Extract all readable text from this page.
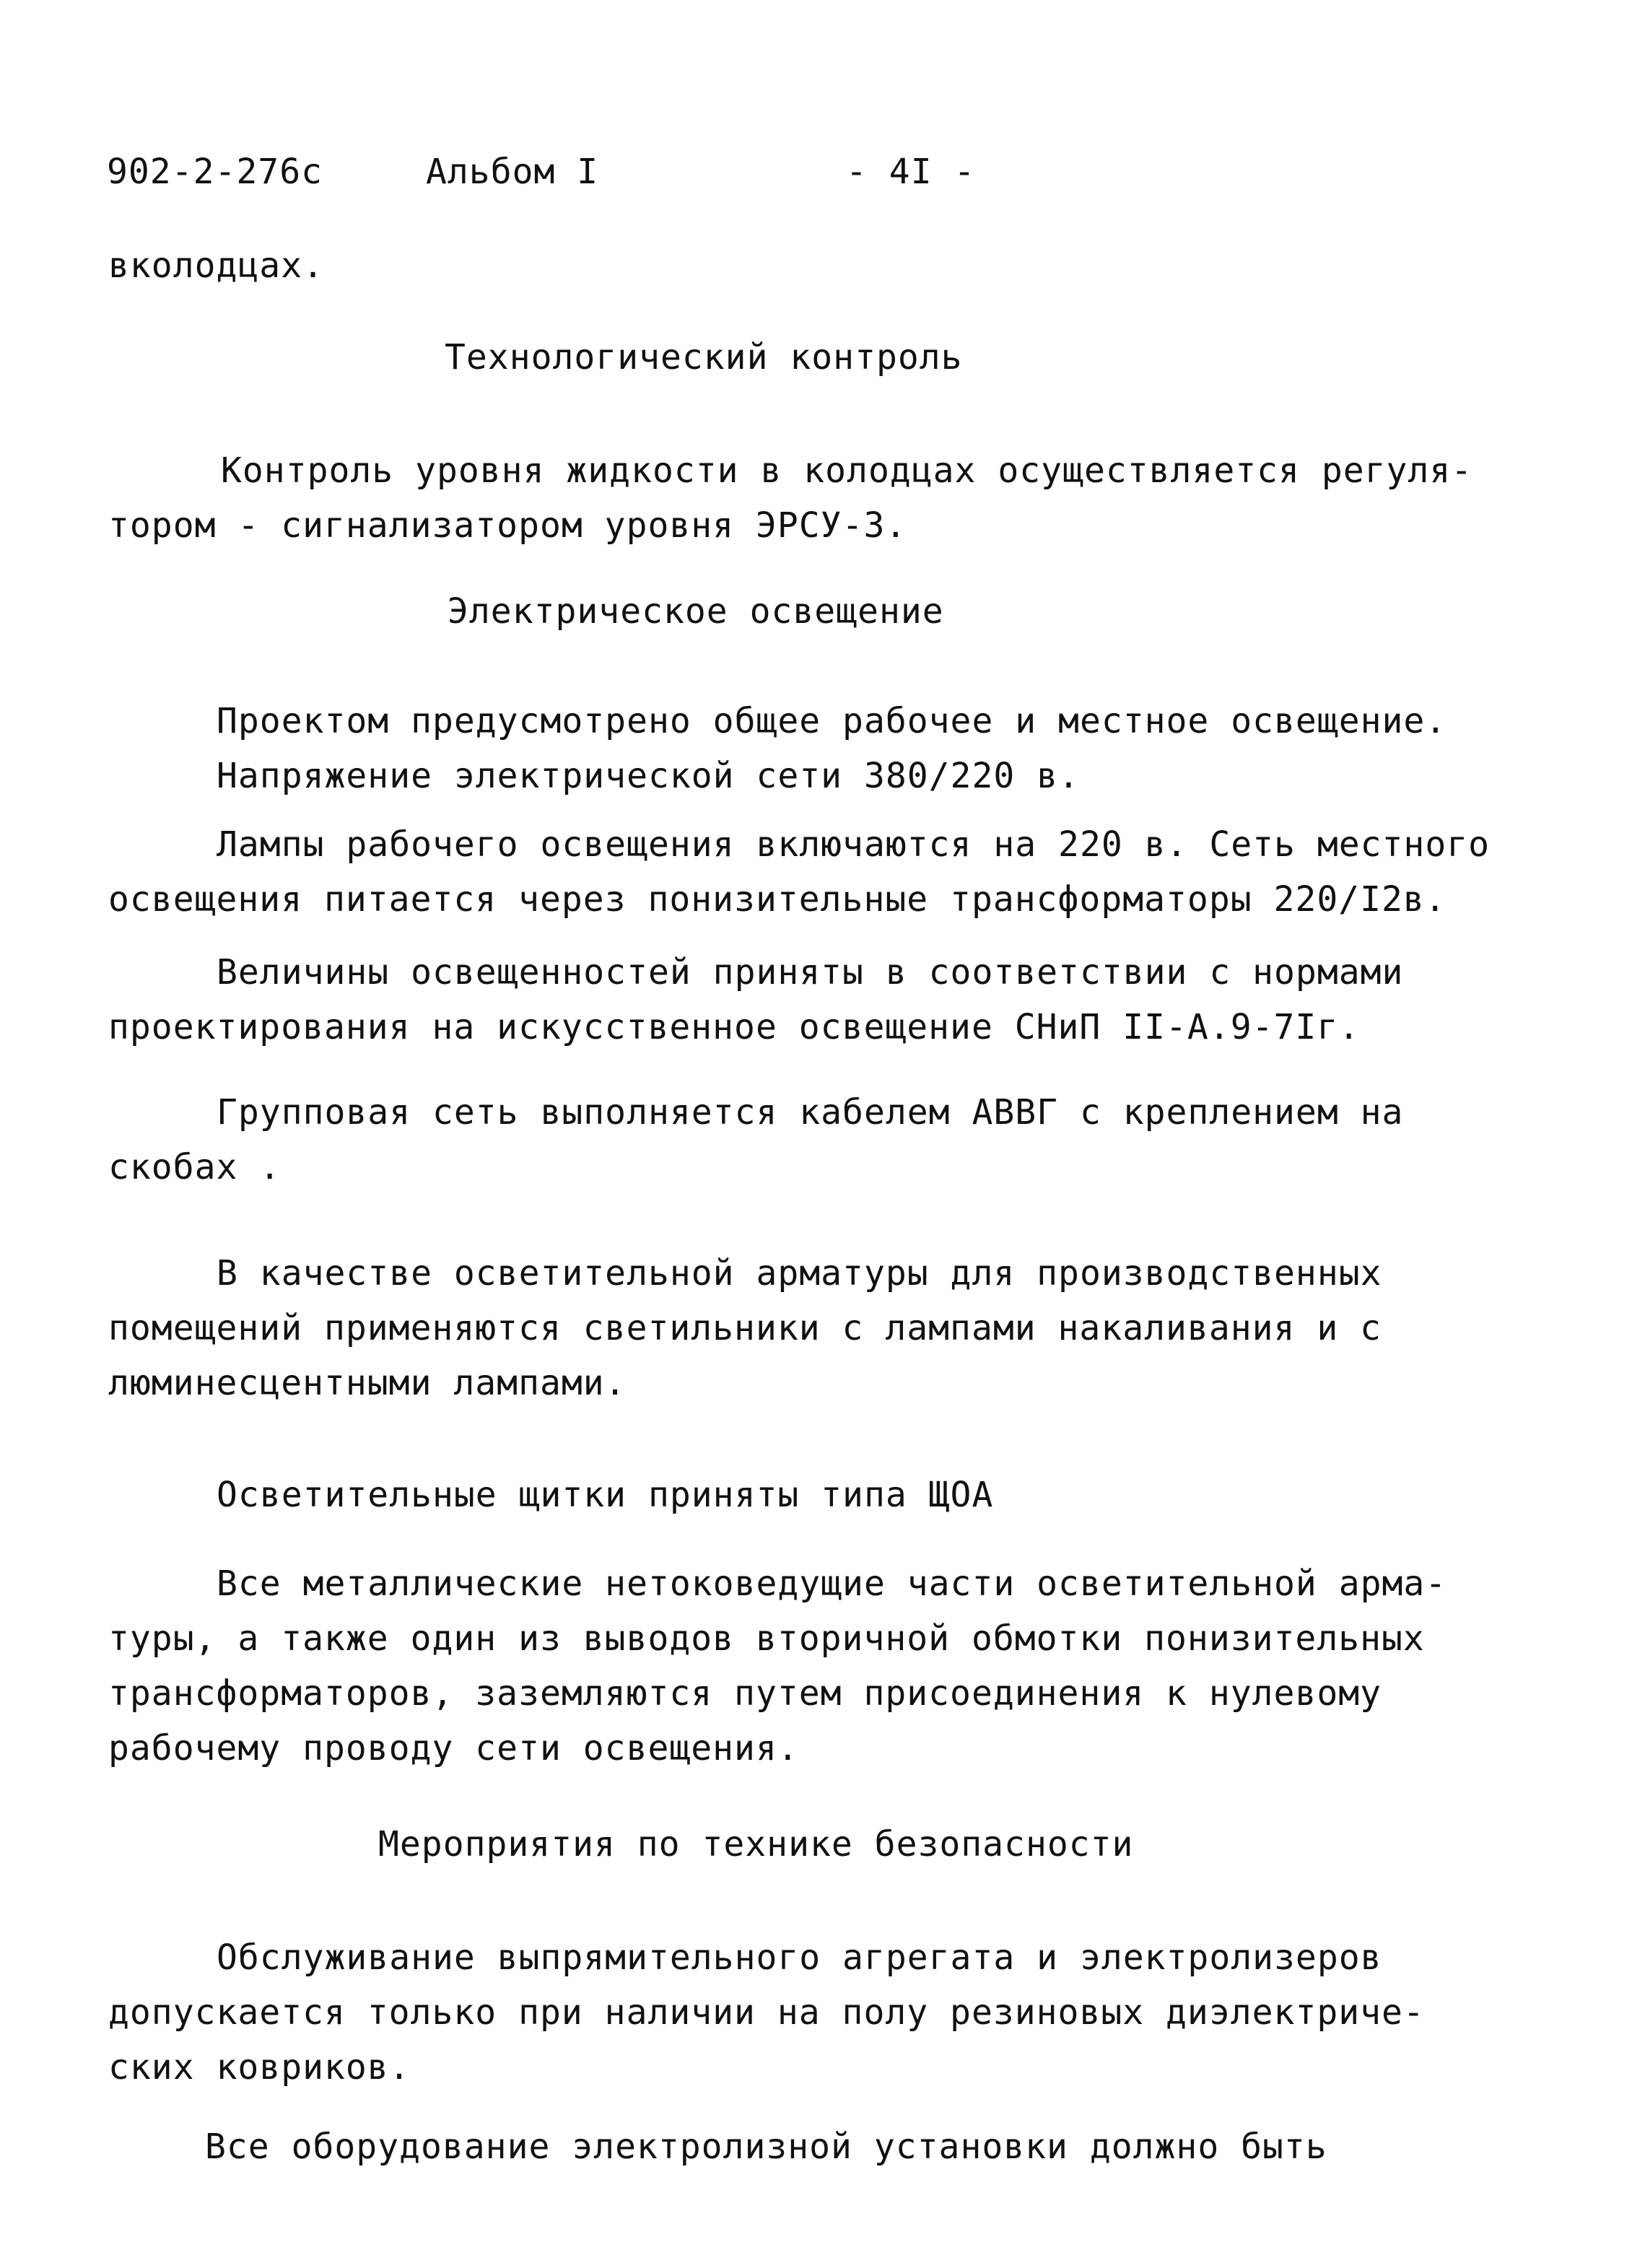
902-2-276с	Альбом I	- 4I -
вколодцах.
Технологический контроль
Контроль уровня жидкости в колодцах осуществляется регуля-
тором - сигнализатором уровня ЭРСУ-3.
Электрическое освещение
Проектом предусмотрено общее рабочее и местное освещение.
Напряжение электрической сети 380/220 в.
Лампы рабочего освещения включаются на 220 в. Сеть местного
освещения питается через понизительные трансформаторы 220/I2в.
Величины освещенностей приняты в соответствии с нормами
проектирования на искусственное освещение СНиП II-А.9-7Iг.
Групповая сеть выполняется кабелем АВВГ с креплением на
скобах .
В качестве осветительной арматуры для производственных
помещений применяются светильники с лампами накаливания и с
люминесцентными лампами.
Осветительные щитки приняты типа ЩОА
Все металлические нетоковедущие части осветительной арма-
туры, а также один из выводов вторичной обмотки понизительных
трансформаторов, заземляются путем присоединения к нулевому
рабочему проводу сети освещения.
Мероприятия по технике безопасности
Обслуживание выпрямительного агрегата и электролизеров
допускается только при наличии на полу резиновых диэлектриче-
ских ковриков.
Все оборудование электролизной установки должно быть
